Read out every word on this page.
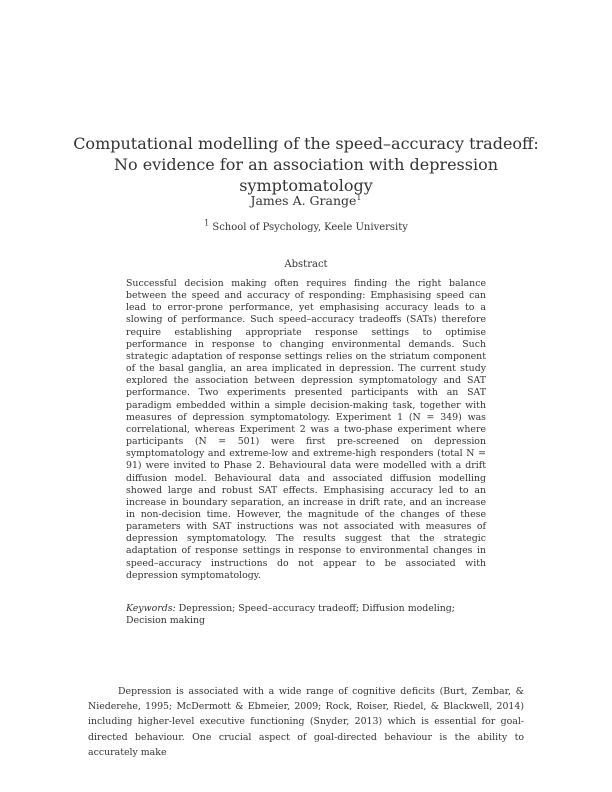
Computational modelling of the speed–accuracy tradeoff: No evidence for an association with depression symptomatology
James A. Grange$^1$
$^1$ School of Psychology, Keele University
Abstract
Successful decision making often requires finding the right balance between the speed and accuracy of responding: Emphasising speed can lead to error-prone performance, yet emphasising accuracy leads to a slowing of performance. Such speed–accuracy tradeoffs (SATs) therefore require establishing appropriate response settings to optimise performance in response to changing environmental demands. Such strategic adaptation of response settings relies on the striatum component of the basal ganglia, an area implicated in depression. The current study explored the association between depression symptomatology and SAT performance. Two experiments presented participants with an SAT paradigm embedded within a simple decision-making task, together with measures of depression symptomatology. Experiment 1 (N = 349) was correlational, whereas Experiment 2 was a two-phase experiment where participants (N = 501) were first pre-screened on depression symptomatology and extreme-low and extreme-high responders (total N = 91) were invited to Phase 2. Behavioural data were modelled with a drift diffusion model. Behavioural data and associated diffusion modelling showed large and robust SAT effects. Emphasising accuracy led to an increase in boundary separation, an increase in drift rate, and an increase in non-decision time. However, the magnitude of the changes of these parameters with SAT instructions was not associated with measures of depression symptomatology. The results suggest that the strategic adaptation of response settings in response to environmental changes in speed–accuracy instructions do not appear to be associated with depression symptomatology.
Keywords: Depression; Speed–accuracy tradeoff; Diffusion modeling; Decision making
Depression is associated with a wide range of cognitive deficits (Burt, Zembar, & Niederehe, 1995; McDermott & Ebmeier, 2009; Rock, Roiser, Riedel, & Blackwell, 2014) including higher-level executive functioning (Snyder, 2013) which is essential for goal-directed behaviour. One crucial aspect of goal-directed behaviour is the ability to accurately make
